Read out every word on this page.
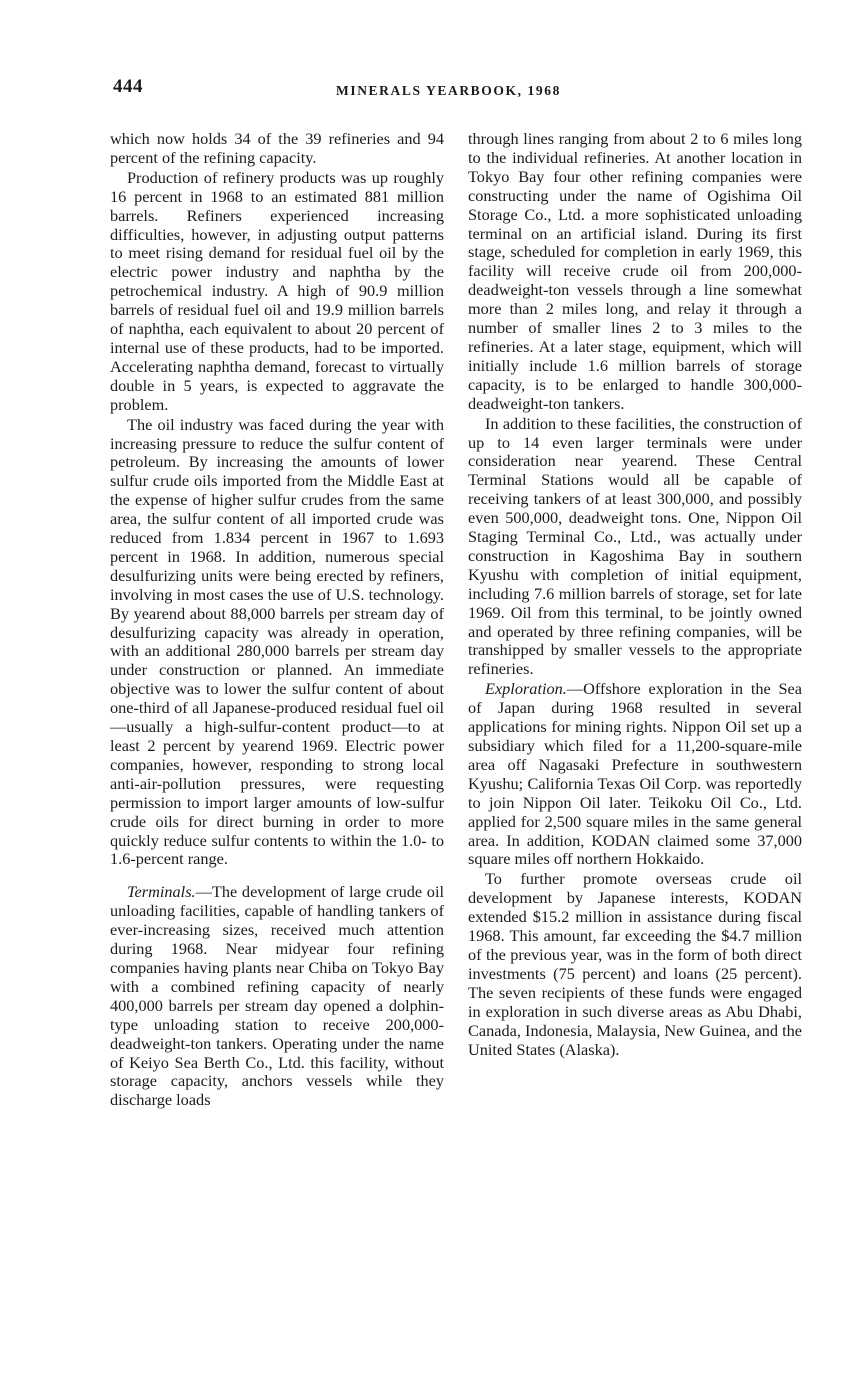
444	MINERALS YEARBOOK, 1968

which now holds 34 of the 39 refineries and 94 percent of the refining capacity.

Production of refinery products was up roughly 16 percent in 1968 to an estimated 881 million barrels. Refiners experienced increasing difficulties, however, in adjusting output patterns to meet rising demand for residual fuel oil by the electric power industry and naphtha by the petrochemical industry. A high of 90.9 million barrels of residual fuel oil and 19.9 million barrels of naphtha, each equivalent to about 20 percent of internal use of these products, had to be imported. Accelerating naphtha demand, forecast to virtually double in 5 years, is expected to aggravate the problem.

The oil industry was faced during the year with increasing pressure to reduce the sulfur content of petroleum. By increasing the amounts of lower sulfur crude oils imported from the Middle East at the expense of higher sulfur crudes from the same area, the sulfur content of all imported crude was reduced from 1.834 percent in 1967 to 1.693 percent in 1968. In addition, numerous special desulfurizing units were being erected by refiners, involving in most cases the use of U.S. technology. By yearend about 88,000 barrels per stream day of desulfurizing capacity was already in operation, with an additional 280,000 barrels per stream day under construction or planned. An immediate objective was to lower the sulfur content of about one-third of all Japanese-produced residual fuel oil —usually a high-sulfur-content product—to at least 2 percent by yearend 1969. Electric power companies, however, responding to strong local anti-air-pollution pressures, were requesting permission to import larger amounts of low-sulfur crude oils for direct burning in order to more quickly reduce sulfur contents to within the 1.0- to 1.6-percent range.

Terminals.—The development of large crude oil unloading facilities, capable of handling tankers of ever-increasing sizes, received much attention during 1968. Near midyear four refining companies having plants near Chiba on Tokyo Bay with a combined refining capacity of nearly 400,000 barrels per stream day opened a dolphin-type unloading station to receive 200,000-deadweight-ton tankers. Operating under the name of Keiyo Sea Berth Co., Ltd. this facility, without storage capacity, anchors vessels while they discharge loads

through lines ranging from about 2 to 6 miles long to the individual refineries. At another location in Tokyo Bay four other refining companies were constructing under the name of Ogishima Oil Storage Co., Ltd. a more sophisticated unloading terminal on an artificial island. During its first stage, scheduled for completion in early 1969, this facility will receive crude oil from 200,000-deadweight-ton vessels through a line somewhat more than 2 miles long, and relay it through a number of smaller lines 2 to 3 miles to the refineries. At a later stage, equipment, which will initially include 1.6 million barrels of storage capacity, is to be enlarged to handle 300,000-deadweight-ton tankers.

In addition to these facilities, the construction of up to 14 even larger terminals were under consideration near yearend. These Central Terminal Stations would all be capable of receiving tankers of at least 300,000, and possibly even 500,000, deadweight tons. One, Nippon Oil Staging Terminal Co., Ltd., was actually under construction in Kagoshima Bay in southern Kyushu with completion of initial equipment, including 7.6 million barrels of storage, set for late 1969. Oil from this terminal, to be jointly owned and operated by three refining companies, will be transhipped by smaller vessels to the appropriate refineries.

Exploration.—Offshore exploration in the Sea of Japan during 1968 resulted in several applications for mining rights. Nippon Oil set up a subsidiary which filed for a 11,200-square-mile area off Nagasaki Prefecture in southwestern Kyushu; California Texas Oil Corp. was reportedly to join Nippon Oil later. Teikoku Oil Co., Ltd. applied for 2,500 square miles in the same general area. In addition, KODAN claimed some 37,000 square miles off northern Hokkaido.

To further promote overseas crude oil development by Japanese interests, KODAN extended $15.2 million in assistance during fiscal 1968. This amount, far exceeding the $4.7 million of the previous year, was in the form of both direct investments (75 percent) and loans (25 percent). The seven recipients of these funds were engaged in exploration in such diverse areas as Abu Dhabi, Canada, Indonesia, Malaysia, New Guinea, and the United States (Alaska).
